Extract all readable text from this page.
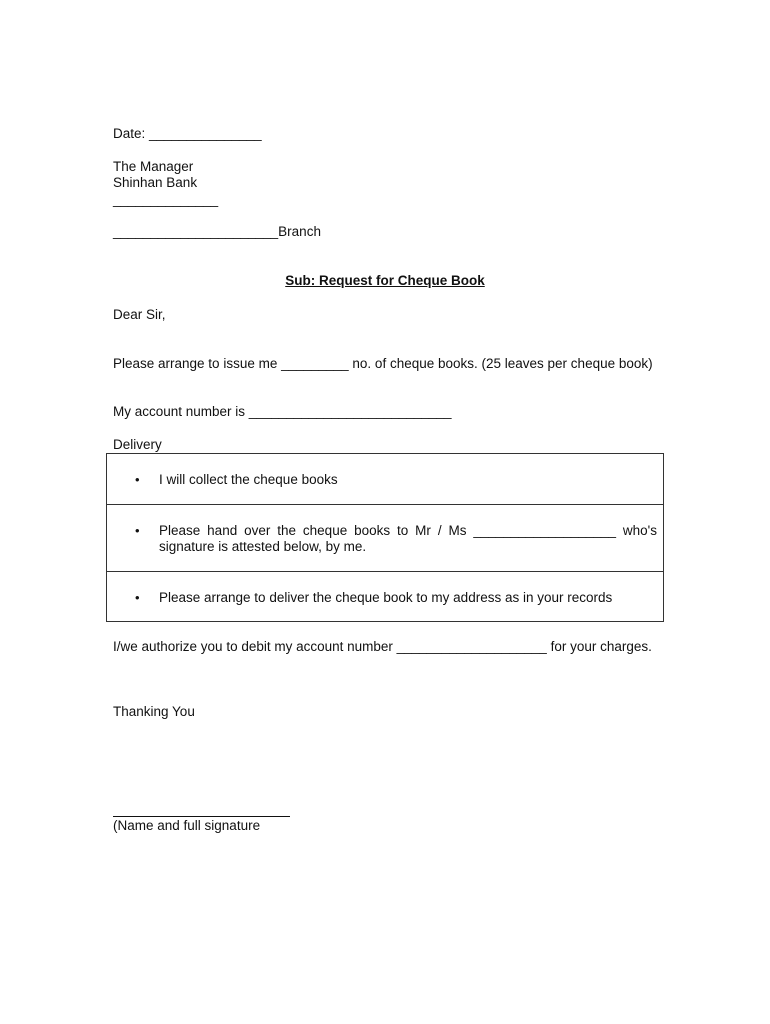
Date: _______________
The Manager
Shinhan Bank
______________
______________________Branch
Sub: Request for Cheque Book
Dear Sir,
Please arrange to issue me _________ no. of cheque books. (25 leaves per cheque book)
My account number is ___________________________
Delivery
• I will collect the cheque books
• Please hand over the cheque books to Mr / Ms ___________________ who's signature is attested below, by me.
• Please arrange to deliver the cheque book to my address as in your records
I/we authorize you to debit my account number ____________________ for your charges.
Thanking You
(Name and full signature
